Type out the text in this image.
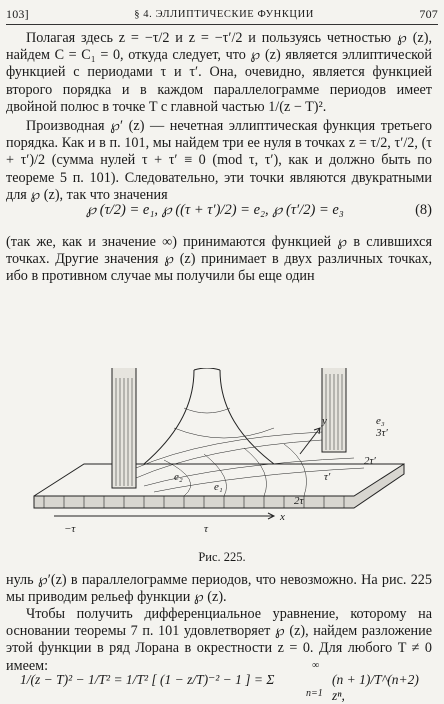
103]	§ 4. ЭЛЛИПТИЧЕСКИЕ ФУНКЦИИ	707

Полагая здесь z = −τ/2 и z = −τ′/2 и пользуясь четностью ℘ (z), найдем C = C₁ = 0, откуда следует, что ℘ (z) является эллиптической функцией с периодами τ и τ′. Она, очевидно, является функцией второго порядка и в каждом параллелограмме периодов имеет двойной полюс в точке T с главной частью 1/(z − T)².

Производная ℘′ (z) — нечетная эллиптическая функция третьего порядка. Как и в п. 101, мы найдем три ее нуля в точках z = τ/2, τ′/2, (τ + τ′)/2 (сумма нулей τ + τ′ ≡ 0 (mod τ, τ′), как и должно быть по теореме 5 п. 101). Следовательно, эти точки являются двукратными для ℘ (z), так что значения

℘ (τ/2) = e₁, ℘ ((τ + τ′)/2) = e₂, ℘ (τ′/2) = e₃	(8)

(так же, как и значение ∞) принимаются функцией ℘ в слившихся точках. Другие значения ℘ (z) принимает в двух различных точках, ибо в противном случае мы получили бы еще один

y
x
−τ	τ
2τ
τ′
2τ′
3τ′
e₁
e₂
e₃
Рис. 225.

нуль ℘′(z) в параллелограмме периодов, что невозможно. На рис. 225 мы приводим рельеф функции ℘ (z).

Чтобы получить дифференциальное уравнение, которому на основании теоремы 7 п. 101 удовлетворяет ℘ (z), найдем разложение этой функции в ряд Лорана в окрестности z = 0. Для любого T ≠ 0 имеем:

1/(z − T)² − 1/T² = 1/T² [ (1 − z/T)⁻² − 1 ] = Σ
∞
n=1
(n + 1)/T^(n+2) zⁿ,
